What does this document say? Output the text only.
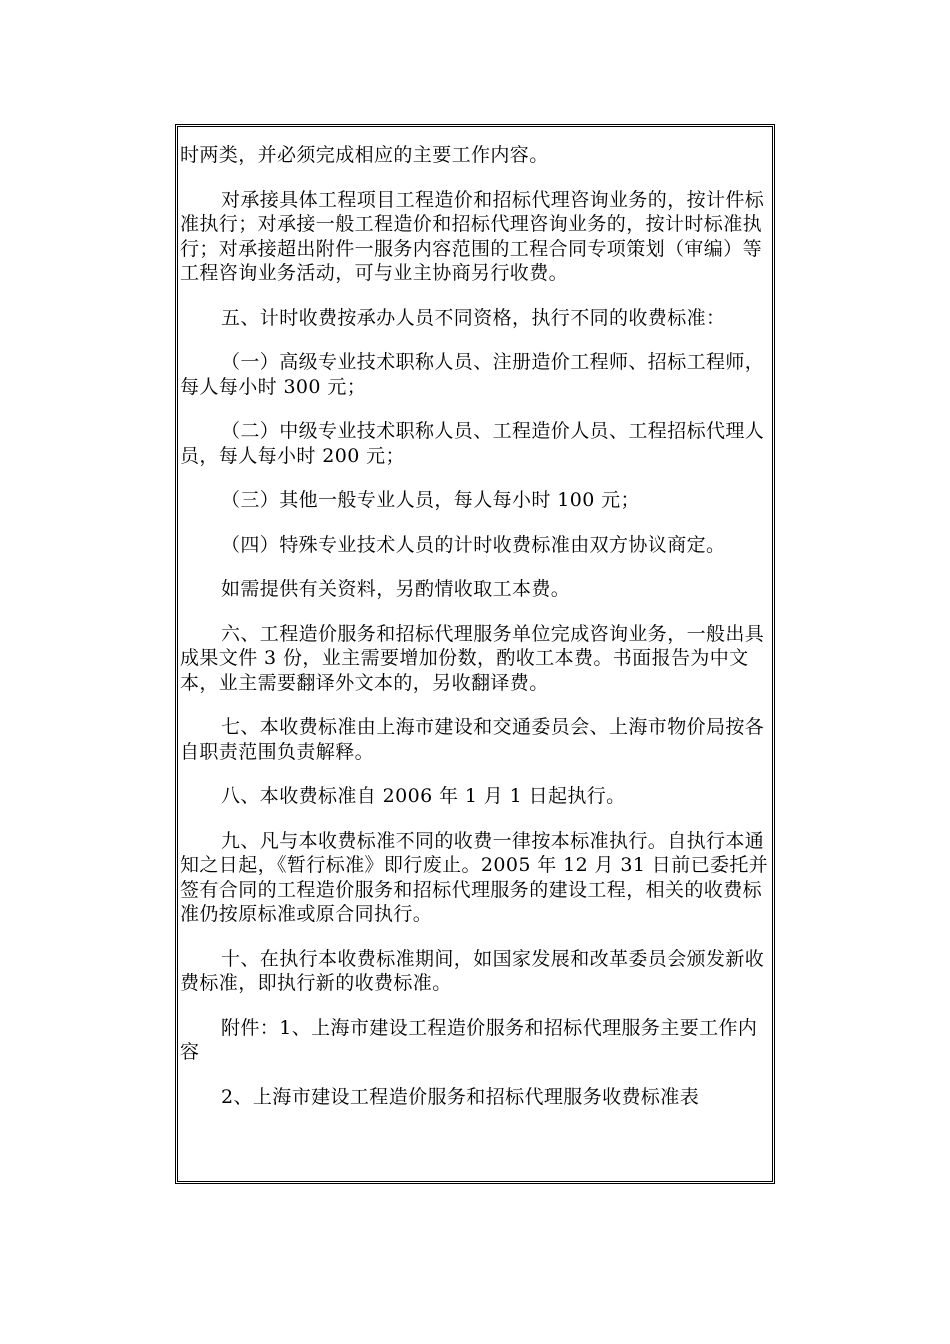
时两类，并必须完成相应的主要工作内容。

对承接具体工程项目工程造价和招标代理咨询业务的，按计件标准执行；对承接一般工程造价和招标代理咨询业务的，按计时标准执行；对承接超出附件一服务内容范围的工程合同专项策划（审编）等工程咨询业务活动，可与业主协商另行收费。

五、计时收费按承办人员不同资格，执行不同的收费标准：

（一）高级专业技术职称人员、注册造价工程师、招标工程师，每人每小时 300 元；

（二）中级专业技术职称人员、工程造价人员、工程招标代理人员，每人每小时 200 元；

（三）其他一般专业人员，每人每小时 100 元；

（四）特殊专业技术人员的计时收费标准由双方协议商定。

如需提供有关资料，另酌情收取工本费。

六、工程造价服务和招标代理服务单位完成咨询业务，一般出具成果文件 3 份，业主需要增加份数，酌收工本费。书面报告为中文本，业主需要翻译外文本的，另收翻译费。

七、本收费标准由上海市建设和交通委员会、上海市物价局按各自职责范围负责解释。

八、本收费标准自 2006 年 1 月 1 日起执行。

九、凡与本收费标准不同的收费一律按本标准执行。自执行本通知之日起，《暂行标准》即行废止。2005 年 12 月 31 日前已委托并签有合同的工程造价服务和招标代理服务的建设工程，相关的收费标准仍按原标准或原合同执行。

十、在执行本收费标准期间，如国家发展和改革委员会颁发新收费标准，即执行新的收费标准。

附件：1、上海市建设工程造价服务和招标代理服务主要工作内容

2、上海市建设工程造价服务和招标代理服务收费标准表
